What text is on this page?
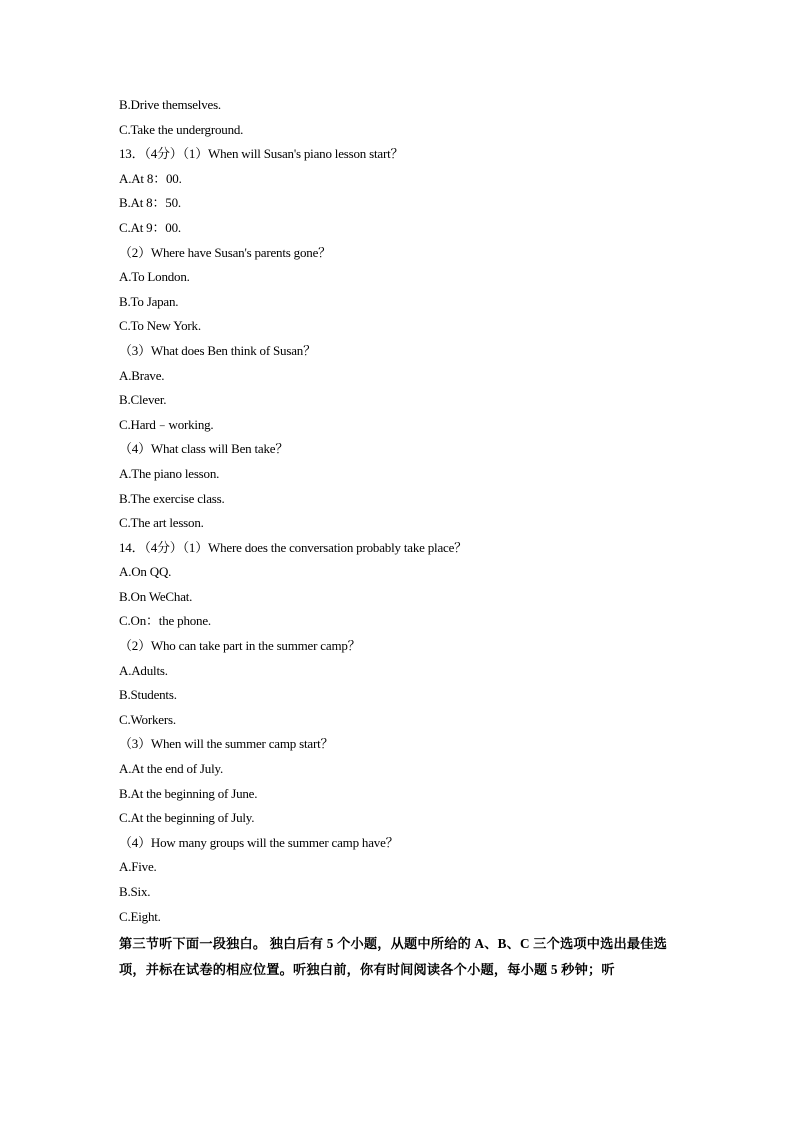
B.Drive themselves.
C.Take the underground.
13．（4分）（1）When will Susan's piano lesson start？
A.At 8：00.
B.At 8：50.
C.At 9：00.
（2）Where have Susan's parents gone？
A.To London.
B.To Japan.
C.To New York.
（3）What does Ben think of Susan？
A.Brave.
B.Clever.
C.Hard﹣working.
（4）What class will Ben take？
A.The piano lesson.
B.The exercise class.
C.The art lesson.
14．（4分）（1）Where does the conversation probably take place？
A.On QQ.
B.On WeChat.
C.On：the phone.
（2）Who can take part in the summer camp？
A.Adults.
B.Students.
C.Workers.
（3）When will the summer camp start？
A.At the end of July.
B.At the beginning of June.
C.At the beginning of July.
（4）How many groups will the summer camp have？
A.Five.
B.Six.
C.Eight.
第三节听下面一段独白。 独白后有 5 个小题，从题中所给的 A、B、C 三个选项中选出最佳选项，并标在试卷的相应位置。听独白前，你有时间阅读各个小题，每小题 5 秒钟；听
